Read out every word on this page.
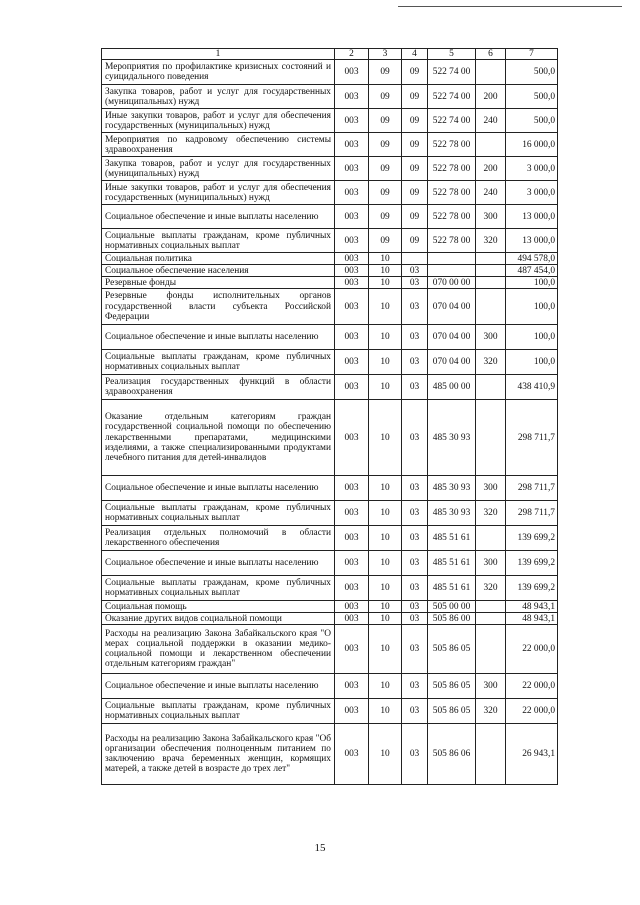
1	2	3	4	5	6	7
Мероприятия по профилактике кризисных состояний и суицидального поведения	003	09	09	522 74 00		500,0
Закупка товаров, работ и услуг для государственных (муниципальных) нужд	003	09	09	522 74 00	200	500,0
Иные закупки товаров, работ и услуг для обеспечения государственных (муниципальных) нужд	003	09	09	522 74 00	240	500,0
Мероприятия по кадровому обеспечению системы здравоохранения	003	09	09	522 78 00		16 000,0
Закупка товаров, работ и услуг для государственных (муниципальных) нужд	003	09	09	522 78 00	200	3 000,0
Иные закупки товаров, работ и услуг для обеспечения государственных (муниципальных) нужд	003	09	09	522 78 00	240	3 000,0
Социальное обеспечение и иные выплаты населению	003	09	09	522 78 00	300	13 000,0
Социальные выплаты гражданам, кроме публичных нормативных социальных выплат	003	09	09	522 78 00	320	13 000,0
Социальная политика	003	10				494 578,0
Социальное обеспечение населения	003	10	03			487 454,0
Резервные фонды	003	10	03	070 00 00		100,0
Резервные фонды исполнительных органов государственной власти субъекта Российской Федерации	003	10	03	070 04 00		100,0
Социальное обеспечение и иные выплаты населению	003	10	03	070 04 00	300	100,0
Социальные выплаты гражданам, кроме публичных нормативных социальных выплат	003	10	03	070 04 00	320	100,0
Реализация государственных функций в области здравоохранения	003	10	03	485 00 00		438 410,9
Оказание отдельным категориям граждан государственной социальной помощи по обеспечению лекарственными препаратами, медицинскими изделиями, а также специализированными продуктами лечебного питания для детей-инвалидов	003	10	03	485 30 93		298 711,7
Социальное обеспечение и иные выплаты населению	003	10	03	485 30 93	300	298 711,7
Социальные выплаты гражданам, кроме публичных нормативных социальных выплат	003	10	03	485 30 93	320	298 711,7
Реализация отдельных полномочий в области лекарственного обеспечения	003	10	03	485 51 61		139 699,2
Социальное обеспечение и иные выплаты населению	003	10	03	485 51 61	300	139 699,2
Социальные выплаты гражданам, кроме публичных нормативных социальных выплат	003	10	03	485 51 61	320	139 699,2
Социальная помощь	003	10	03	505 00 00		48 943,1
Оказание других видов социальной помощи	003	10	03	505 86 00		48 943,1
Расходы на реализацию Закона Забайкальского края "О мерах социальной поддержки в оказании медико-социальной помощи и лекарственном обеспечении отдельным категориям граждан"	003	10	03	505 86 05		22 000,0
Социальное обеспечение и иные выплаты населению	003	10	03	505 86 05	300	22 000,0
Социальные выплаты гражданам, кроме публичных нормативных социальных выплат	003	10	03	505 86 05	320	22 000,0
Расходы на реализацию Закона Забайкальского края "Об организации обеспечения полноценным питанием по заключению врача беременных женщин, кормящих матерей, а также детей в возрасте до трех лет"	003	10	03	505 86 06		26 943,1
15
